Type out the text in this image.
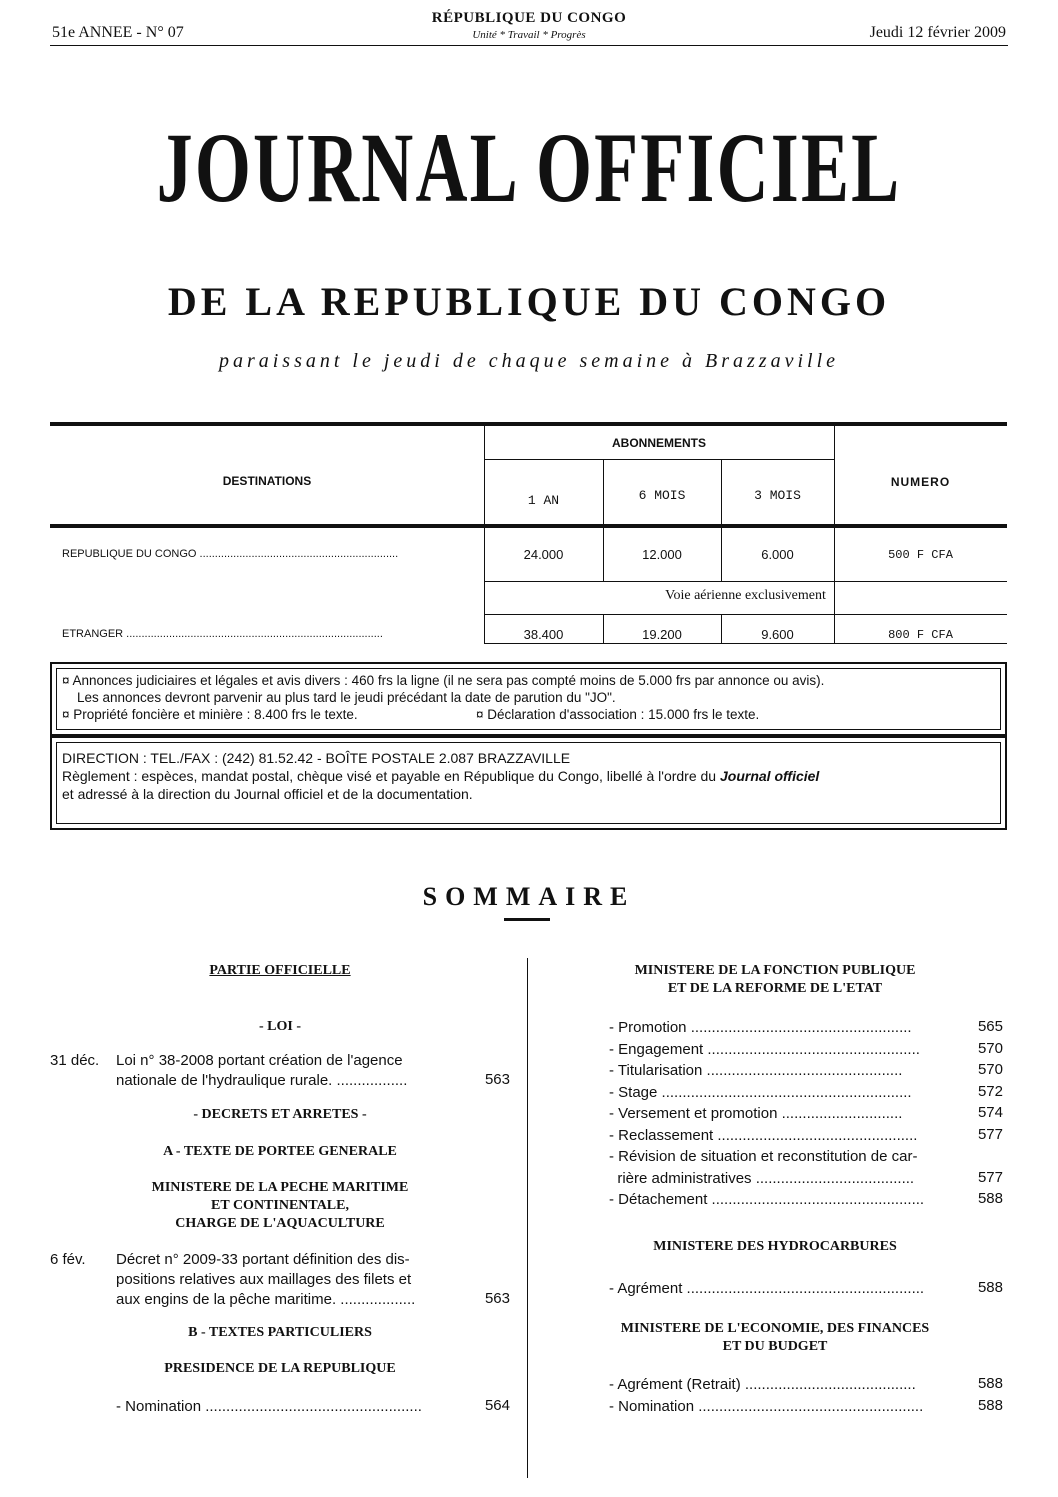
51e ANNEE - N° 07
RÉPUBLIQUE DU CONGO
Unité * Travail * Progrès	Jeudi 12 février 2009
JOURNAL OFFICIEL
DE LA REPUBLIQUE DU CONGO
paraissant le jeudi de chaque semaine à Brazzaville
DESTINATIONS
ABONNEMENTS
NUMERO
1 AN	6 MOIS	3 MOIS
REPUBLIQUE DU CONGO .................................................................	24.000	12.000	6.000	500 F CFA
Voie aérienne exclusivement
ETRANGER ....................................................................................	38.400	19.200	9.600	800 F CFA
¤ Annonces judiciaires et légales et avis divers : 460 frs la ligne (il ne sera pas compté moins de 5.000 frs par annonce ou avis).
Les annonces devront parvenir au plus tard le jeudi précédant la date de parution du "JO".
¤ Propriété foncière et minière : 8.400 frs le texte.	¤ Déclaration d'association : 15.000 frs le texte.
DIRECTION : TEL./FAX : (242) 81.52.42 - BOÎTE POSTALE 2.087 BRAZZAVILLE
Règlement : espèces, mandat postal, chèque visé et payable en République du Congo, libellé à l'ordre du Journal officiel
et adressé à la direction du Journal officiel et de la documentation.
SOMMAIRE
PARTIE OFFICIELLE
- LOI -
31 déc. Loi n° 38-2008 portant création de l'agence
nationale de l'hydraulique rurale. .................	563
- DECRETS ET ARRETES -
A - TEXTE DE PORTEE GENERALE
MINISTERE DE LA PECHE MARITIME
ET CONTINENTALE,
CHARGE DE L'AQUACULTURE
6 fév. Décret n° 2009-33 portant définition des dis-
positions relatives aux maillages des filets et
aux engins de la pêche maritime. ..................	563
B - TEXTES PARTICULIERS
PRESIDENCE DE LA REPUBLIQUE
- Nomination ....................................................	564
MINISTERE DE LA FONCTION PUBLIQUE
ET DE LA REFORME DE L'ETAT
- Promotion .....................................................	565
- Engagement ...................................................	570
- Titularisation ...............................................	570
- Stage ............................................................	572
- Versement et promotion .............................	574
- Reclassement ................................................	577
- Révision de situation et reconstitution de car-
rière administratives ......................................	577
- Détachement ...................................................	588
MINISTERE DES HYDROCARBURES
- Agrément .........................................................	588
MINISTERE DE L'ECONOMIE, DES FINANCES
ET DU BUDGET
- Agrément (Retrait) .........................................	588
- Nomination ......................................................	588
